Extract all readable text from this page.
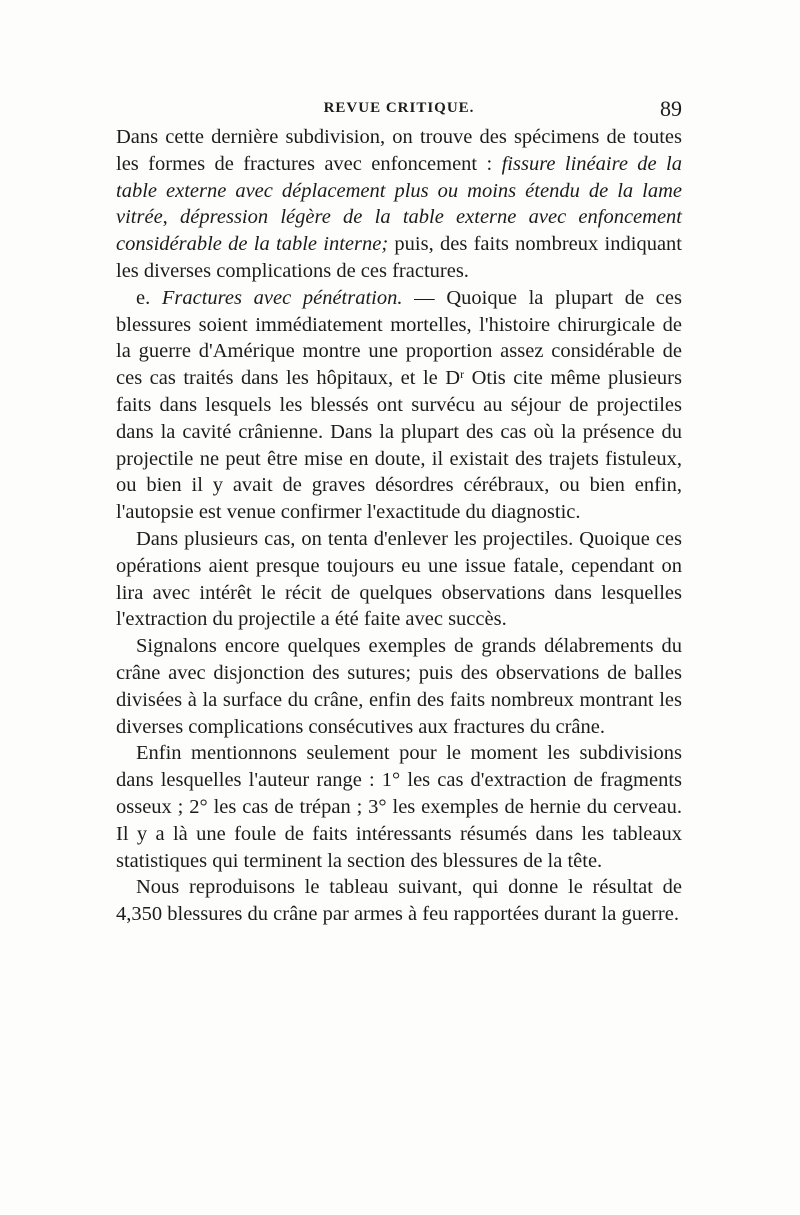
REVUE CRITIQUE.	89

Dans cette dernière subdivision, on trouve des spécimens de toutes les formes de fractures avec enfoncement : fissure linéaire de la table externe avec déplacement plus ou moins étendu de la lame vitrée, dépression légère de la table externe avec enfoncement considérable de la table interne; puis, des faits nombreux indiquant les diverses complications de ces fractures.

e. Fractures avec pénétration. — Quoique la plupart de ces blessures soient immédiatement mortelles, l'histoire chirurgicale de la guerre d'Amérique montre une proportion assez considérable de ces cas traités dans les hôpitaux, et le $D^r$ Otis cite même plusieurs faits dans lesquels les blessés ont survécu au séjour de projectiles dans la cavité crânienne. Dans la plupart des cas où la présence du projectile ne peut être mise en doute, il existait des trajets fistuleux, ou bien il y avait de graves désordres cérébraux, ou bien enfin, l'autopsie est venue confirmer l'exactitude du diagnostic.

Dans plusieurs cas, on tenta d'enlever les projectiles. Quoique ces opérations aient presque toujours eu une issue fatale, cependant on lira avec intérêt le récit de quelques observations dans lesquelles l'extraction du projectile a été faite avec succès.

Signalons encore quelques exemples de grands délabrements du crâne avec disjonction des sutures; puis des observations de balles divisées à la surface du crâne, enfin des faits nombreux montrant les diverses complications consécutives aux fractures du crâne.

Enfin mentionnons seulement pour le moment les subdivisions dans lesquelles l'auteur range : 1° les cas d'extraction de fragments osseux ; 2° les cas de trépan ; 3° les exemples de hernie du cerveau. Il y a là une foule de faits intéressants résumés dans les tableaux statistiques qui terminent la section des blessures de la tête.

Nous reproduisons le tableau suivant, qui donne le résultat de 4,350 blessures du crâne par armes à feu rapportées durant la guerre.
